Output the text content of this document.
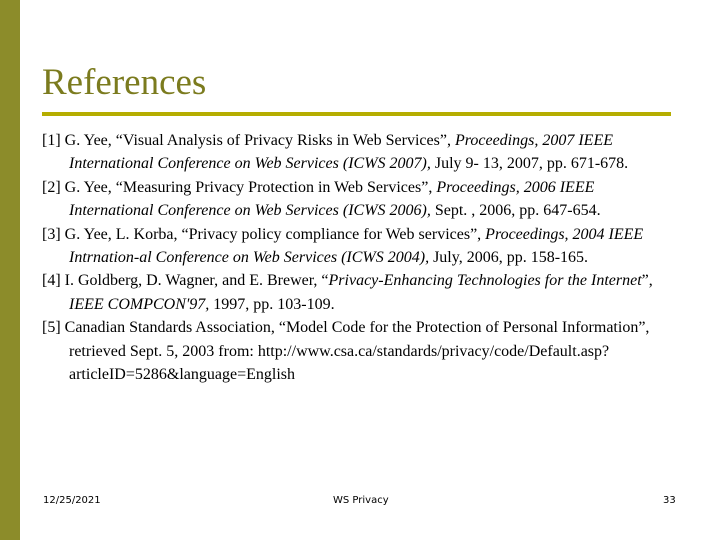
References
[1] G. Yee, “Visual Analysis of Privacy Risks in Web Services”, Proceedings, 2007 IEEE International Conference on Web Services (ICWS 2007), July 9- 13, 2007, pp. 671-678.
[2] G. Yee, “Measuring Privacy Protection in Web Services”, Proceedings, 2006 IEEE International Conference on Web Services (ICWS 2006), Sept. , 2006, pp. 647-654.
[3] G. Yee, L. Korba, “Privacy policy compliance for Web services”, Proceedings, 2004 IEEE Intrnation-al Conference on Web Services (ICWS 2004), July, 2006, pp. 158-165.
[4] I. Goldberg, D. Wagner, and E. Brewer, “Privacy-Enhancing Technologies for the Internet”, IEEE COMPCON'97, 1997, pp. 103-109.
[5] Canadian Standards Association, “Model Code for the Protection of Personal Information”, retrieved Sept. 5, 2003 from: http://www.csa.ca/standards/privacy/code/Default.asp?articleID=5286&language=English
12/25/2021	WS Privacy	33
